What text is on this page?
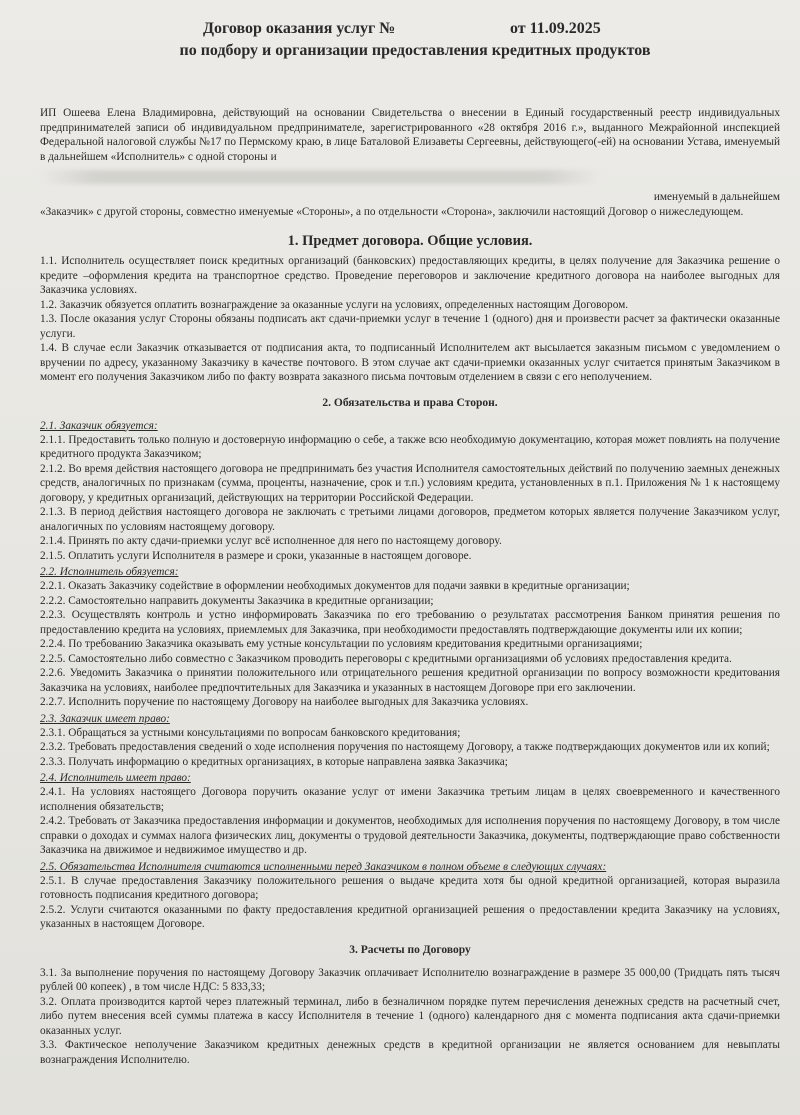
Договор оказания услуг №	от 11.09.2025
по подбору и организации предоставления кредитных продуктов

ИП Ошеева Елена Владимировна, действующий на основании Свидетельства о внесении в Единый государственный реестр индивидуальных предпринимателей записи об индивидуальном предпринимателе, зарегистрированного «28 октября 2016 г.», выданного Межрайонной инспекцией Федеральной налоговой службы №17 по Пермскому краю, в лице Баталовой Елизаветы Сергеевны, действующего(-ей) на основании Устава, именуемый в дальнейшем «Исполнитель» с одной стороны и

именуемый в дальнейшем

«Заказчик» с другой стороны, совместно именуемые «Стороны», а по отдельности «Сторона», заключили настоящий Договор о нижеследующем.

1. Предмет договора. Общие условия.

1.1. Исполнитель осуществляет поиск кредитных организаций (банковских) предоставляющих кредиты, в целях получение для Заказчика решение о кредите –оформления кредита на транспортное средство. Проведение переговоров и заключение кредитного договора на наиболее выгодных для Заказчика условиях.

1.2. Заказчик обязуется оплатить вознаграждение за оказанные услуги на условиях, определенных настоящим Договором.

1.3. После оказания услуг Стороны обязаны подписать акт сдачи-приемки услуг в течение 1 (одного) дня и произвести расчет за фактически оказанные услуги.

1.4. В случае если Заказчик отказывается от подписания акта, то подписанный Исполнителем акт высылается заказным письмом с уведомлением о вручении по адресу, указанному Заказчику в качестве почтового. В этом случае акт сдачи-приемки оказанных услуг считается принятым Заказчиком в момент его получения Заказчиком либо по факту возврата заказного письма почтовым отделением в связи с его неполучением.

2. Обязательства и права Сторон.
2.1. Заказчик обязуется:

2.1.1. Предоставить только полную и достоверную информацию о себе, а также всю необходимую документацию, которая может повлиять на получение кредитного продукта Заказчиком;

2.1.2. Во время действия настоящего договора не предпринимать без участия Исполнителя самостоятельных действий по получению заемных денежных средств, аналогичных по признакам (сумма, проценты, назначение, срок и т.п.) условиям кредита, установленных в п.1. Приложения № 1 к настоящему договору, у кредитных организаций, действующих на территории Российской Федерации.

2.1.3. В период действия настоящего договора не заключать с третьими лицами договоров, предметом которых является получение Заказчиком услуг, аналогичных по условиям настоящему договору.

2.1.4. Принять по акту сдачи-приемки услуг всё исполненное для него по настоящему договору.

2.1.5. Оплатить услуги Исполнителя в размере и сроки, указанные в настоящем договоре.

2.2. Исполнитель обязуется:

2.2.1. Оказать Заказчику содействие в оформлении необходимых документов для подачи заявки в кредитные организации;

2.2.2. Самостоятельно направить документы Заказчика в кредитные организации;

2.2.3. Осуществлять контроль и устно информировать Заказчика по его требованию о результатах рассмотрения Банком принятия решения по предоставлению кредита на условиях, приемлемых для Заказчика, при необходимости предоставлять подтверждающие документы или их копии;

2.2.4. По требованию Заказчика оказывать ему устные консультации по условиям кредитования кредитными организациями;

2.2.5. Самостоятельно либо совместно с Заказчиком проводить переговоры с кредитными организациями об условиях предоставления кредита.

2.2.6. Уведомить Заказчика о принятии положительного или отрицательного решения кредитной организации по вопросу возможности кредитования Заказчика на условиях, наиболее предпочтительных для Заказчика и указанных в настоящем Договоре при его заключении.

2.2.7. Исполнить поручение по настоящему Договору на наиболее выгодных для Заказчика условиях.

2.3. Заказчик имеет право:

2.3.1. Обращаться за устными консультациями по вопросам банковского кредитования;

2.3.2. Требовать предоставления сведений о ходе исполнения поручения по настоящему Договору, а также подтверждающих документов или их копий;

2.3.3. Получать информацию о кредитных организациях, в которые направлена заявка Заказчика;

2.4. Исполнитель имеет право:

2.4.1. На условиях настоящего Договора поручить оказание услуг от имени Заказчика третьим лицам в целях своевременного и качественного исполнения обязательств;

2.4.2. Требовать от Заказчика предоставления информации и документов, необходимых для исполнения поручения по настоящему Договору, в том числе справки о доходах и суммах налога физических лиц, документы о трудовой деятельности Заказчика, документы, подтверждающие право собственности Заказчика на движимое и недвижимое имущество и др.

2.5. Обязательства Исполнителя считаются исполненными перед Заказчиком в полном объеме в следующих случаях:

2.5.1. В случае предоставления Заказчику положительного решения о выдаче кредита хотя бы одной кредитной организацией, которая выразила готовность подписания кредитного договора;

2.5.2. Услуги считаются оказанными по факту предоставления кредитной организацией решения о предоставлении кредита Заказчику на условиях, указанных в настоящем Договоре.

3. Расчеты по Договору

3.1. За выполнение поручения по настоящему Договору Заказчик оплачивает Исполнителю вознаграждение в размере 35 000,00 (Тридцать пять тысяч рублей 00 копеек) , в том числе НДС: 5 833,33;

3.2. Оплата производится картой через платежный терминал, либо в безналичном порядке путем перечисления денежных средств на расчетный счет, либо путем внесения всей суммы платежа в кассу Исполнителя в течение 1 (одного) календарного дня с момента подписания акта сдачи-приемки оказанных услуг.

3.3. Фактическое неполучение Заказчиком кредитных денежных средств в кредитной организации не является основанием для невыплаты вознаграждения Исполнителю.
